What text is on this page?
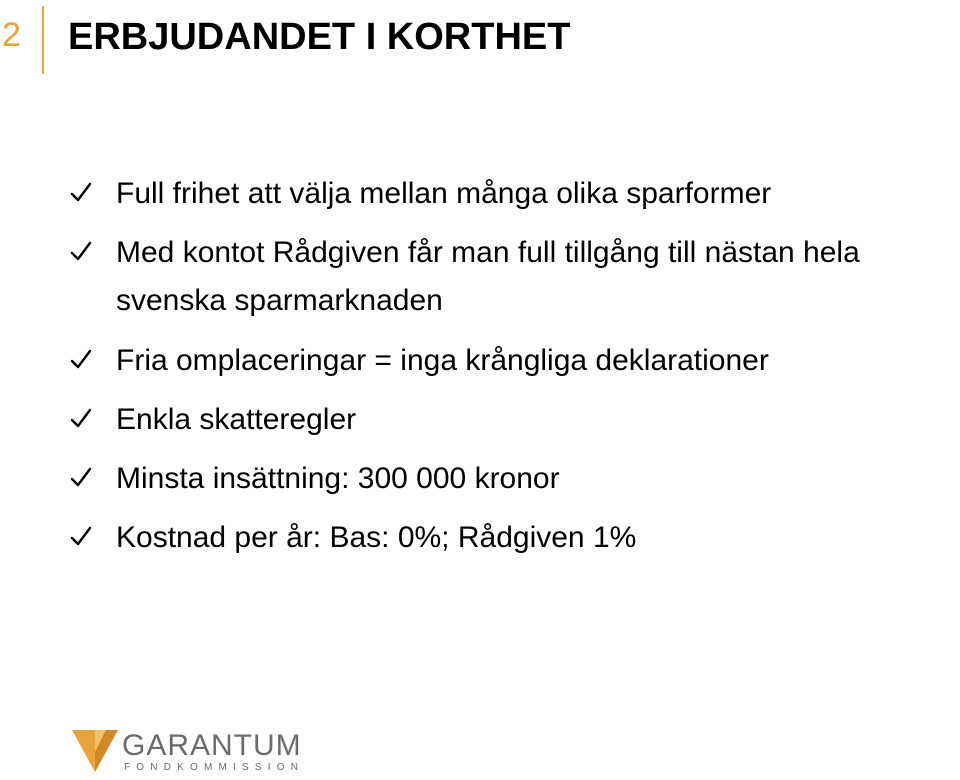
2 ERBJUDANDET I KORTHET
Full frihet att välja mellan många olika sparformer
Med kontot Rådgiven får man full tillgång till nästan hela svenska sparmarknaden
Fria omplaceringar = inga krångliga deklarationer
Enkla skatteregler
Minsta insättning: 300 000 kronor
Kostnad per år: Bas: 0%; Rådgiven 1%
GARANTUM
FONDKOMMISSION
